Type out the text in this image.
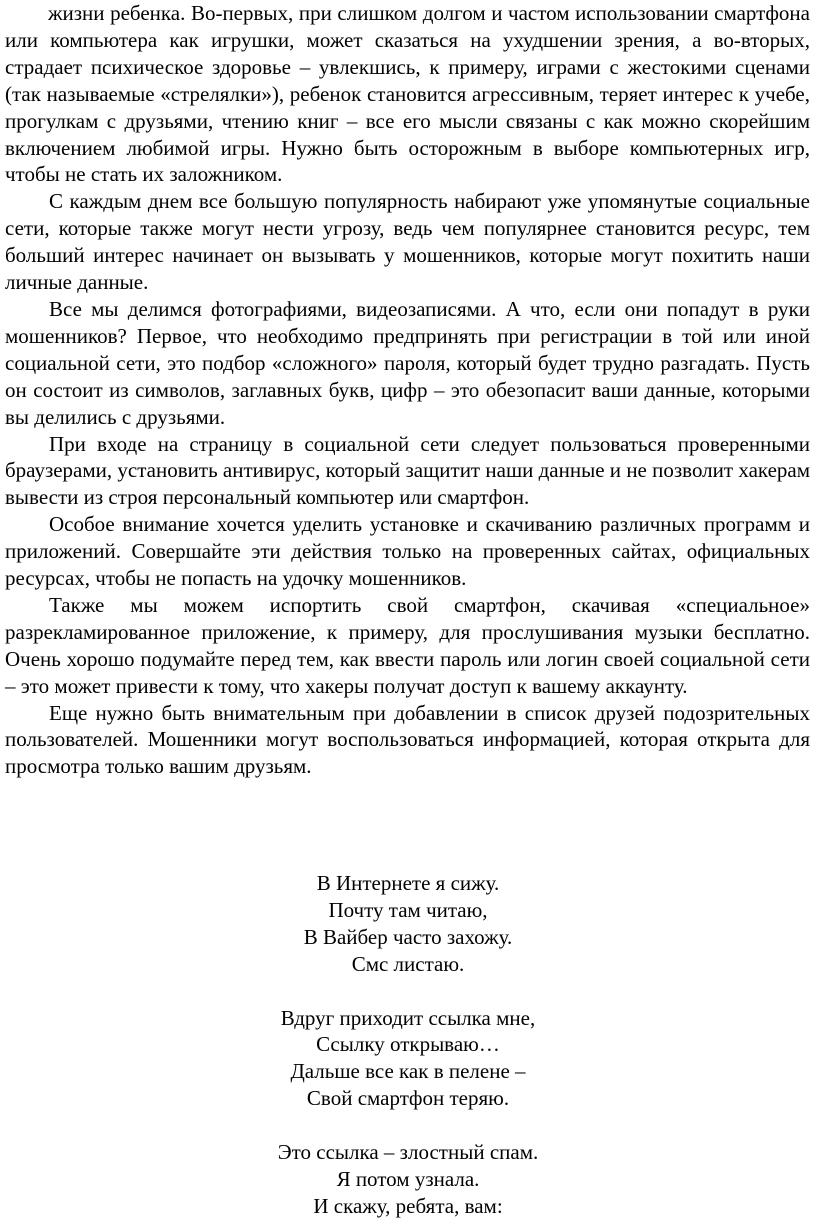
жизни ребенка. Во-первых, при слишком долгом и частом использовании смартфона или компьютера как игрушки, может сказаться на ухудшении зрения, а во-вторых, страдает психическое здоровье – увлекшись, к примеру, играми с жестокими сценами (так называемые «стрелялки»), ребенок становится агрессивным, теряет интерес к учебе, прогулкам с друзьями, чтению книг – все его мысли связаны с как можно скорейшим включением любимой игры. Нужно быть осторожным в выборе компьютерных игр, чтобы не стать их заложником.

С каждым днем все большую популярность набирают уже упомянутые социальные сети, которые также могут нести угрозу, ведь чем популярнее становится ресурс, тем больший интерес начинает он вызывать у мошенников, которые могут похитить наши личные данные.

Все мы делимся фотографиями, видеозаписями. А что, если они попадут в руки мошенников? Первое, что необходимо предпринять при регистрации в той или иной социальной сети, это подбор «сложного» пароля, который будет трудно разгадать. Пусть он состоит из символов, заглавных букв, цифр – это обезопасит ваши данные, которыми вы делились с друзьями.

При входе на страницу в социальной сети следует пользоваться проверенными браузерами, установить антивирус, который защитит наши данные и не позволит хакерам вывести из строя персональный компьютер или смартфон.

Особое внимание хочется уделить установке и скачиванию различных программ и приложений. Совершайте эти действия только на проверенных сайтах, официальных ресурсах, чтобы не попасть на удочку мошенников.

Также мы можем испортить свой смартфон, скачивая «специальное» разрекламированное приложение, к примеру, для прослушивания музыки бесплатно. Очень хорошо подумайте перед тем, как ввести пароль или логин своей социальной сети – это может привести к тому, что хакеры получат доступ к вашему аккаунту.

Еще нужно быть внимательным при добавлении в список друзей подозрительных пользователей. Мошенники могут воспользоваться информацией, которая открыта для просмотра только вашим друзьям.

В Интернете я сижу.
Почту там читаю,
В Вайбер часто захожу.
Смс листаю.
Вдруг приходит ссылка мне,
Ссылку открываю…
Дальше все как в пелене –
Свой смартфон теряю.
Это ссылка – злостный спам.
Я потом узнала.
И скажу, ребята, вам:
